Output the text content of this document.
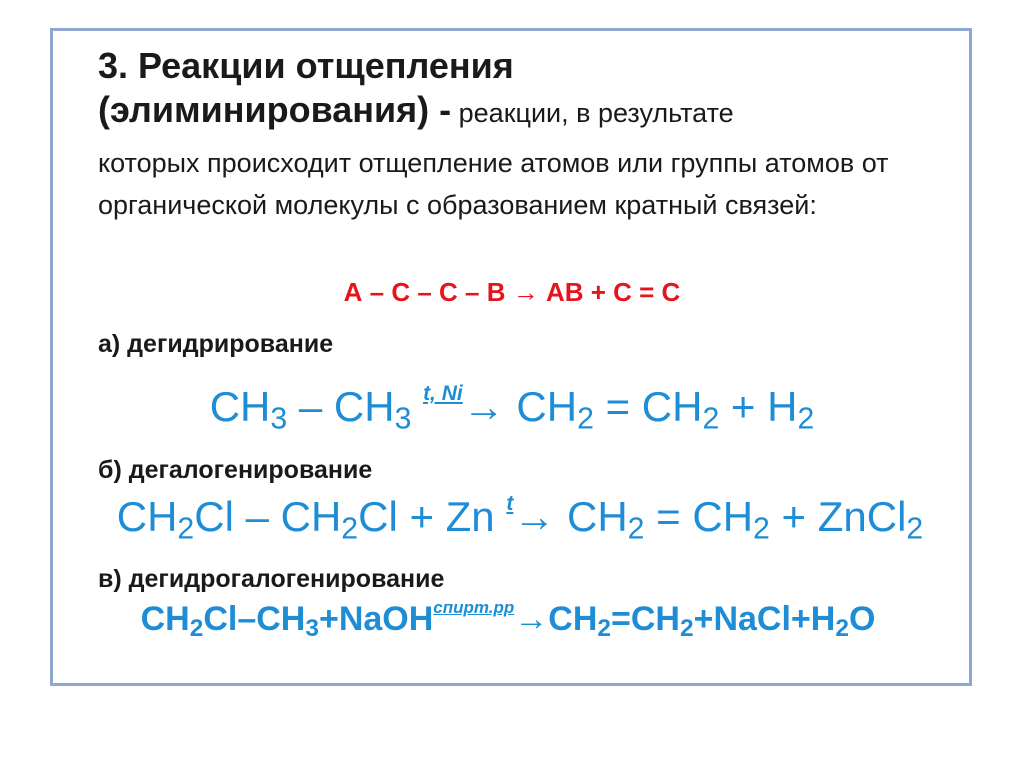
3. Реакции отщепления
(элиминирования) - реакции, в результате
которых происходит отщепление атомов или группы атомов от органической молекулы с образованием кратный связей:
А – С – С – В → АВ + С = С
а) дегидрирование
$CH_3 - CH_3$ $^{t, Ni}\to CH_2 = CH_2 + H_2$
б) дегалогенирование
$CH_2Cl - CH_2Cl + Zn$ $^t\to CH_2 = CH_2$ + ZnCl$_2$
в) дегидрогалогенирование
$CH_2Cl-CH_3+NaOH^{спирт.рр}\to CH_2=CH_2+NaCl+H_2O$
